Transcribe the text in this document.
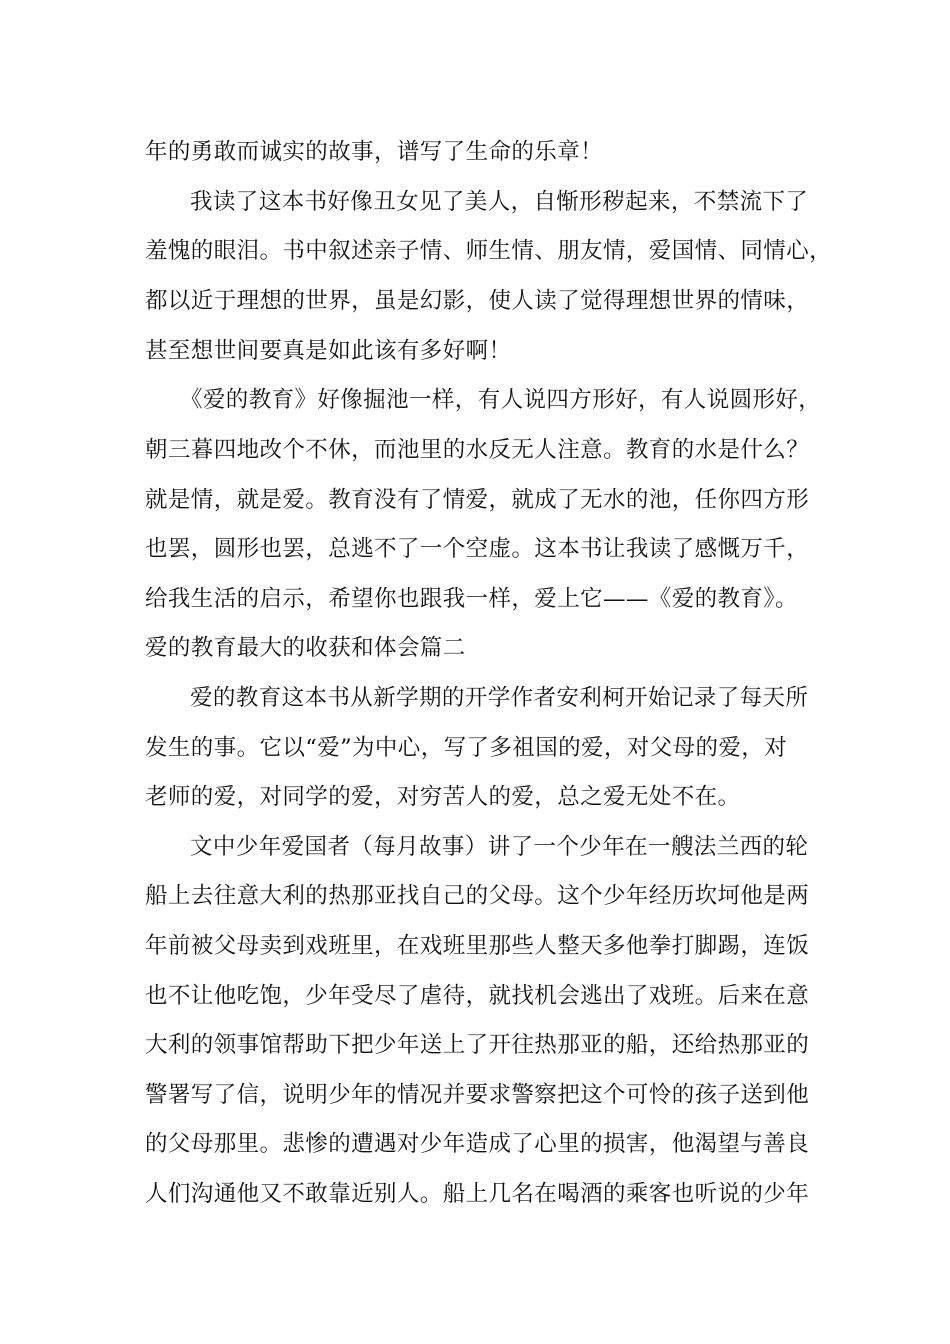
年的勇敢而诚实的故事，谱写了生命的乐章！
我读了这本书好像丑女见了美人，自惭形秽起来，不禁流下了
羞愧的眼泪。书中叙述亲子情、师生情、朋友情，爱国情、同情心，
都以近于理想的世界，虽是幻影，使人读了觉得理想世界的情味，
甚至想世间要真是如此该有多好啊！
《爱的教育》好像掘池一样，有人说四方形好，有人说圆形好，
朝三暮四地改个不休，而池里的水反无人注意。教育的水是什么？
就是情，就是爱。教育没有了情爱，就成了无水的池，任你四方形
也罢，圆形也罢，总逃不了一个空虚。这本书让我读了感慨万千，
给我生活的启示，希望你也跟我一样，爱上它——《爱的教育》。
爱的教育最大的收获和体会篇二
爱的教育这本书从新学期的开学作者安利柯开始记录了每天所
发生的事。它以“爱”为中心，写了多祖国的爱，对父母的爱，对
老师的爱，对同学的爱，对穷苦人的爱，总之爱无处不在。
文中少年爱国者（每月故事）讲了一个少年在一艘法兰西的轮
船上去往意大利的热那亚找自己的父母。这个少年经历坎坷他是两
年前被父母卖到戏班里，在戏班里那些人整天多他拳打脚踢，连饭
也不让他吃饱，少年受尽了虐待，就找机会逃出了戏班。后来在意
大利的领事馆帮助下把少年送上了开往热那亚的船，还给热那亚的
警署写了信，说明少年的情况并要求警察把这个可怜的孩子送到他
的父母那里。悲惨的遭遇对少年造成了心里的损害，他渴望与善良
人们沟通他又不敢靠近别人。船上几名在喝酒的乘客也听说的少年
